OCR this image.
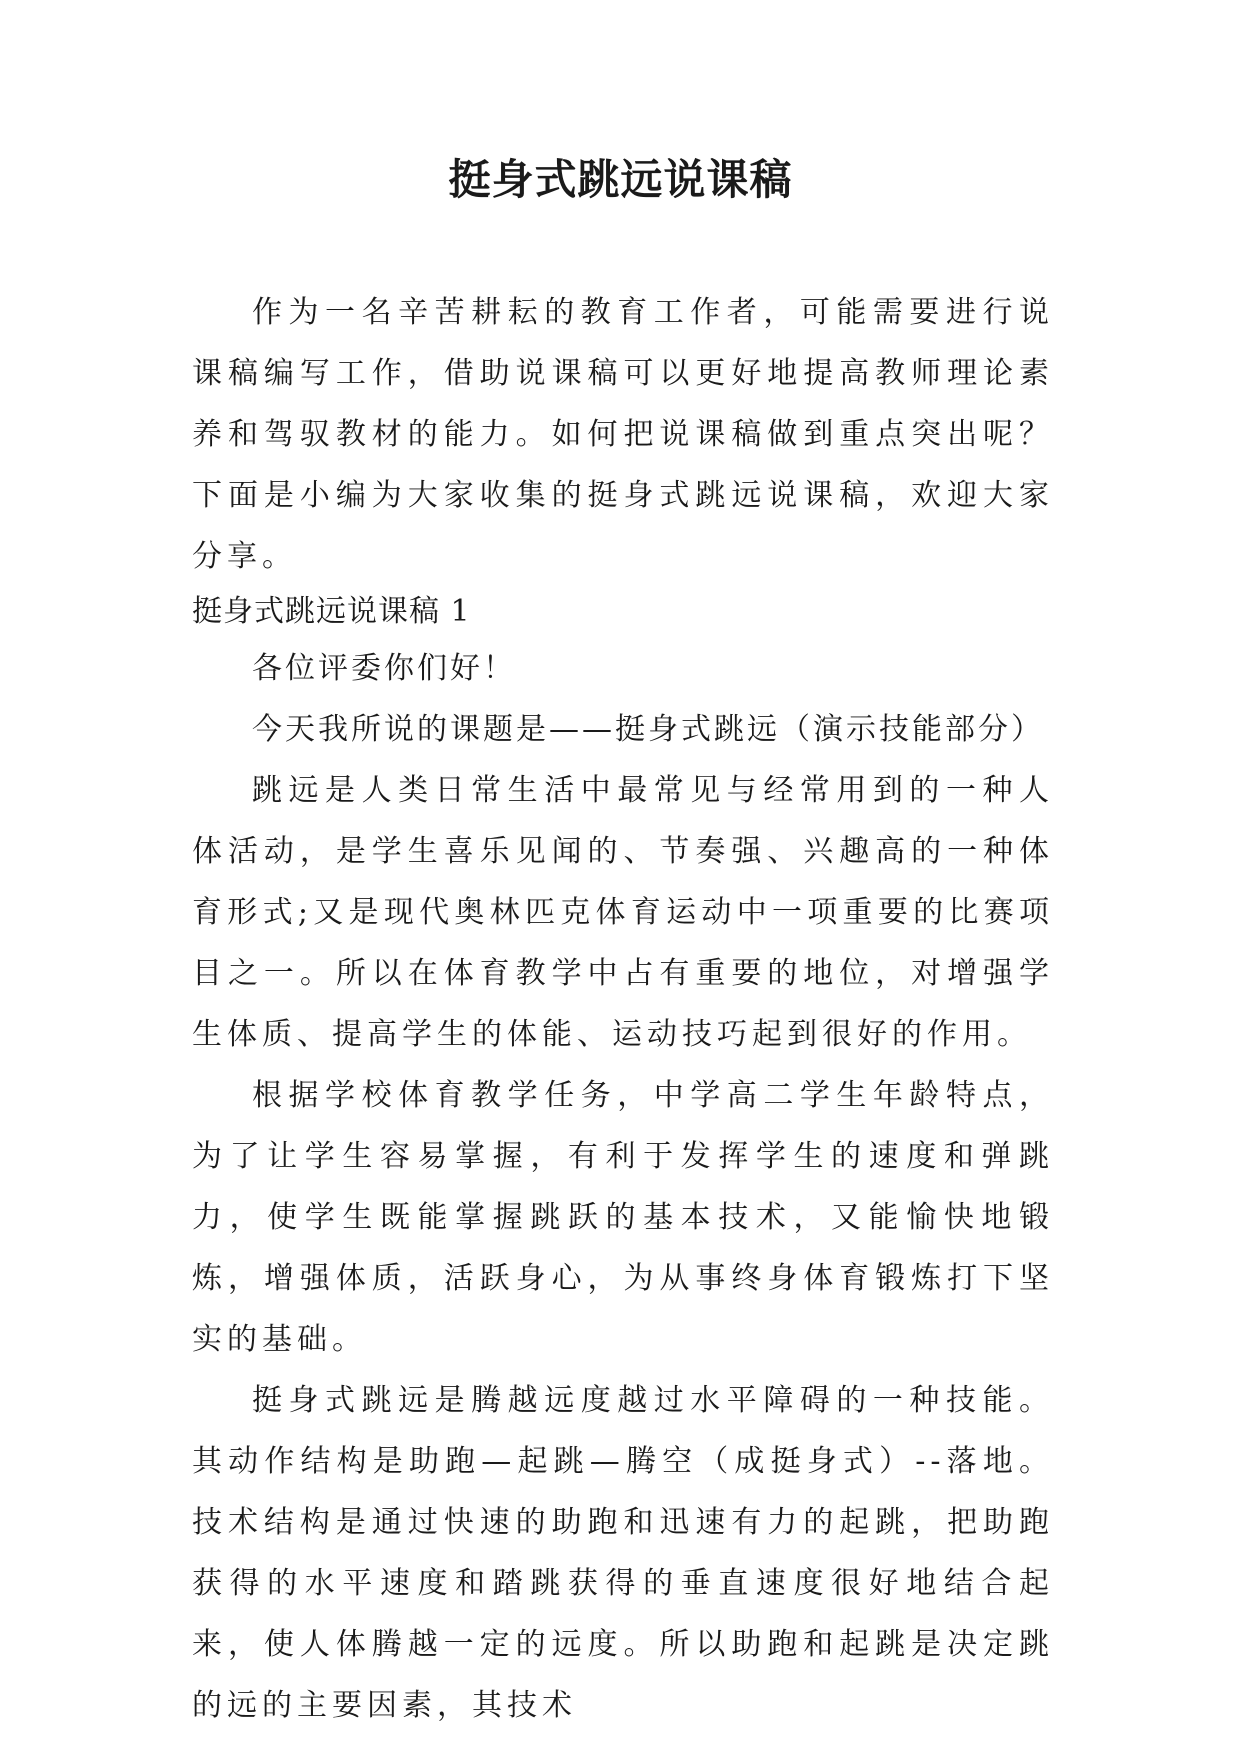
挺身式跳远说课稿

作为一名辛苦耕耘的教育工作者，可能需要进行说课稿编写工作，借助说课稿可以更好地提高教师理论素养和驾驭教材的能力。如何把说课稿做到重点突出呢？下面是小编为大家收集的挺身式跳远说课稿，欢迎大家分享。

挺身式跳远说课稿 1

各位评委你们好！

今天我所说的课题是——挺身式跳远（演示技能部分）

跳远是人类日常生活中最常见与经常用到的一种人体活动，是学生喜乐见闻的、节奏强、兴趣高的一种体育形式;又是现代奥林匹克体育运动中一项重要的比赛项目之一。所以在体育教学中占有重要的地位，对增强学生体质、提高学生的体能、运动技巧起到很好的作用。

根据学校体育教学任务，中学高二学生年龄特点，为了让学生容易掌握，有利于发挥学生的速度和弹跳力，使学生既能掌握跳跃的基本技术，又能愉快地锻炼，增强体质，活跃身心，为从事终身体育锻炼打下坚实的基础。

挺身式跳远是腾越远度越过水平障碍的一种技能。其动作结构是助跑—起跳—腾空（成挺身式）--落地。技术结构是通过快速的助跑和迅速有力的起跳，把助跑获得的水平速度和踏跳获得的垂直速度很好地结合起来，使人体腾越一定的远度。所以助跑和起跳是决定跳的远的主要因素，其技术
